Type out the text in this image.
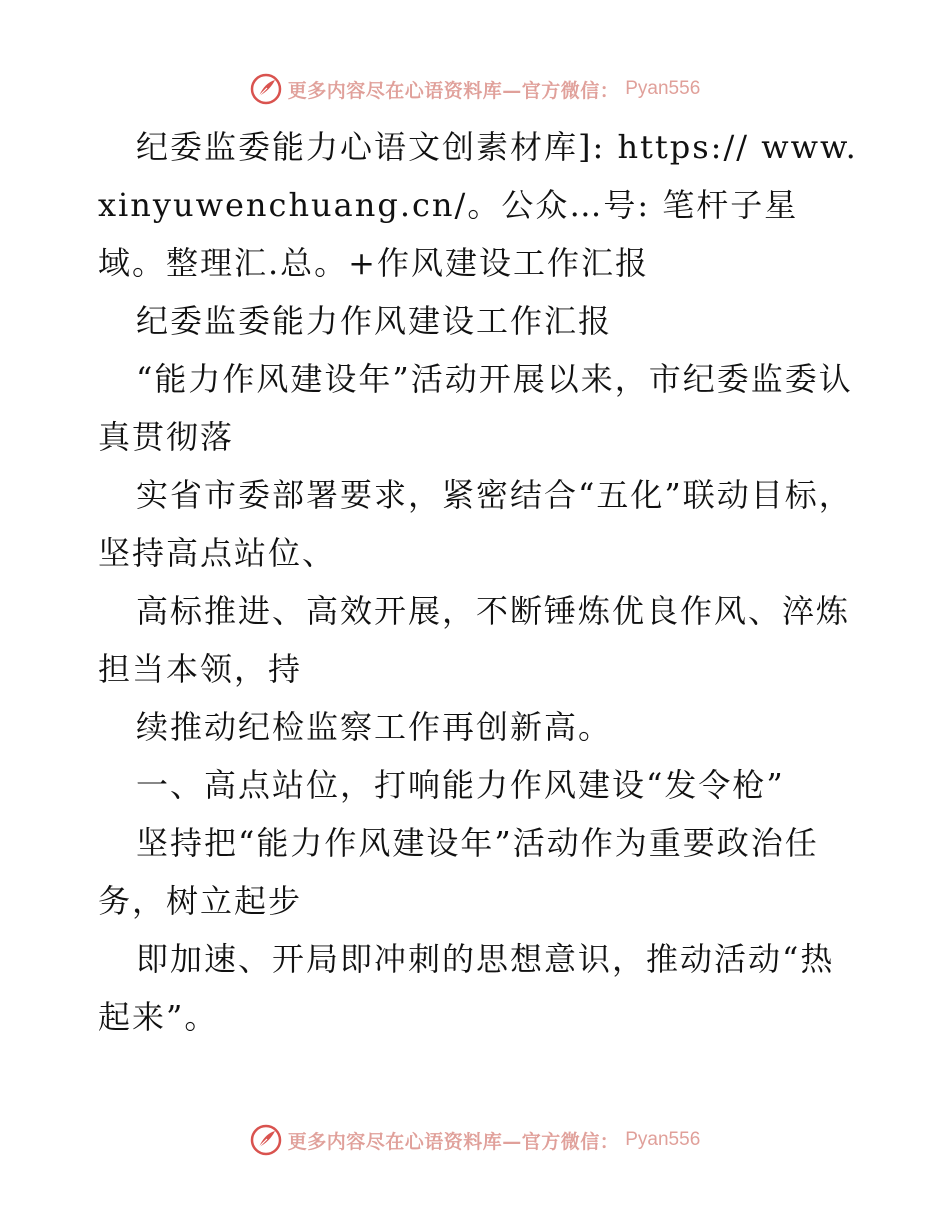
更多内容尽在心语资料库—官方微信： Pyan556

纪委监委能力心语文创素材库]: https:// www.xinyuwenchuang.cn/。公众…号: 笔杆子星域。整理汇.总。+作风建设工作汇报

纪委监委能力作风建设工作汇报

“能力作风建设年”活动开展以来，市纪委监委认真贯彻落

实省市委部署要求，紧密结合“五化”联动目标，坚持高点站位、

高标推进、高效开展，不断锤炼优良作风、淬炼担当本领，持

续推动纪检监察工作再创新高。

一、高点站位，打响能力作风建设“发令枪”

坚持把“能力作风建设年”活动作为重要政治任务，树立起步

即加速、开局即冲刺的思想意识，推动活动“热起来”。

更多内容尽在心语资料库—官方微信： Pyan556
